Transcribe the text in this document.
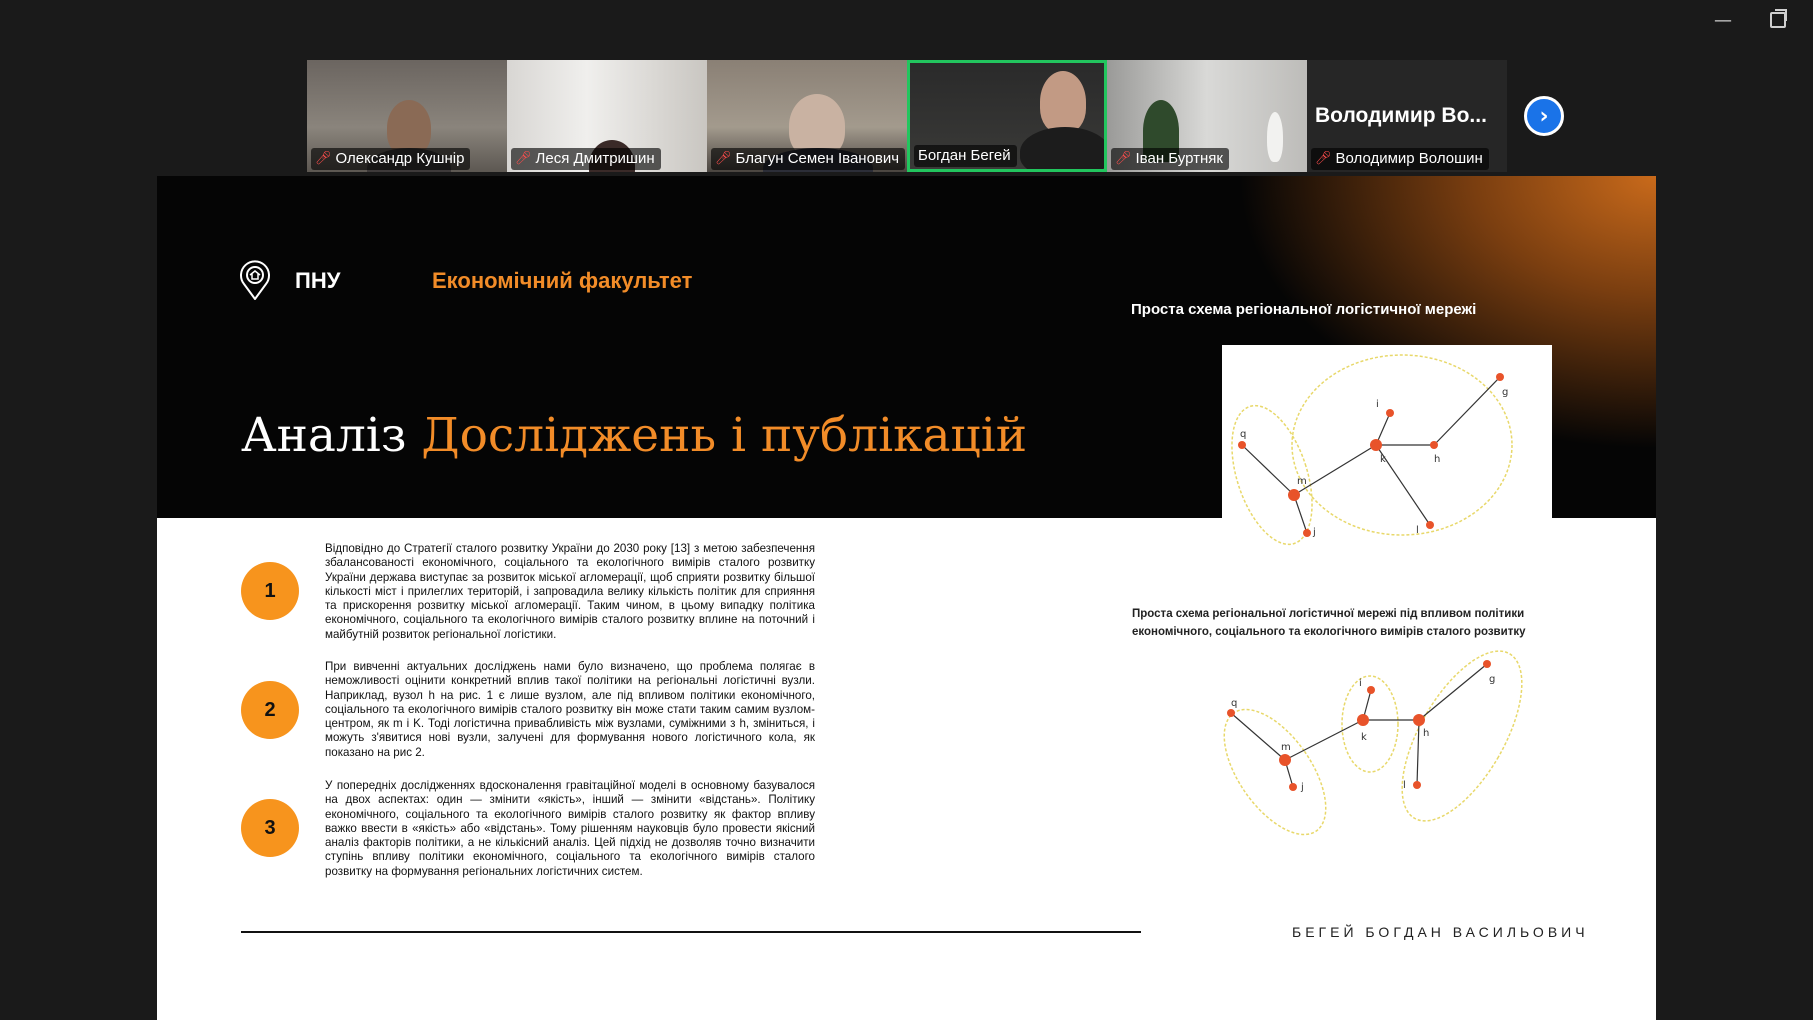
—
🎤︎ Олександр Кушнір	🎤︎ Леся Дмитришин	🎤︎ Благун Семен Іванович Богдан Бегей	🎤︎ Іван Буртняк
Володимир Во...
🎤︎ Володимир Волошин
›
ПНУ	Економічний факультет
Аналіз Досліджень і публікацій
Проста схема регіональної логістичної мережі
q
m
j
i
k	h
g
l
Проста схема регіональної логістичної мережі під впливом політики економічного, соціального та екологічного вимірів сталого розвитку
q
m
j
i
k	h
g
l
1
Відповідно до Стратегії сталого розвитку України до 2030 року [13] з метою забезпечення збалансованості економічного, соціального та екологічного вимірів сталого розвитку України держава виступає за розвиток міської агломерації, щоб сприяти розвитку більшої кількості міст і прилеглих територій, і запровадила велику кількість політик для сприяння та прискорення розвитку міської агломерації. Таким чином, в цьому випадку політика економічного, соціального та екологічного вимірів сталого розвитку вплине на поточний і майбутній розвиток регіональної логістики.
2
При вивченні актуальних досліджень нами було визначено, що проблема полягає в неможливості оцінити конкретний вплив такої політики на регіональні логістичні вузли. Наприклад, вузол h на рис. 1 є лише вузлом, але під впливом політики економічного, соціального та екологічного вимірів сталого розвитку він може стати таким самим вузлом-центром, як m і K. Тоді логістична привабливість між вузлами, суміжними з h, зміниться, і можуть з'явитися нові вузли, залучені для формування нового логістичного кола, як показано на рис 2.
3
У попередніх дослідженнях вдосконалення гравітаційної моделі в основному базувалося на двох аспектах: один — змінити «якість», інший — змінити «відстань». Політику економічного, соціального та екологічного вимірів сталого розвитку як фактор впливу важко ввести в «якість» або «відстань». Тому рішенням науковців було провести якісний аналіз факторів політики, а не кількісний аналіз. Цей підхід не дозволяв точно визначити ступінь впливу політики економічного, соціального та екологічного вимірів сталого розвитку на формування регіональних логістичних систем.
БЕГЕЙ БОГДАН ВАСИЛЬОВИЧ
